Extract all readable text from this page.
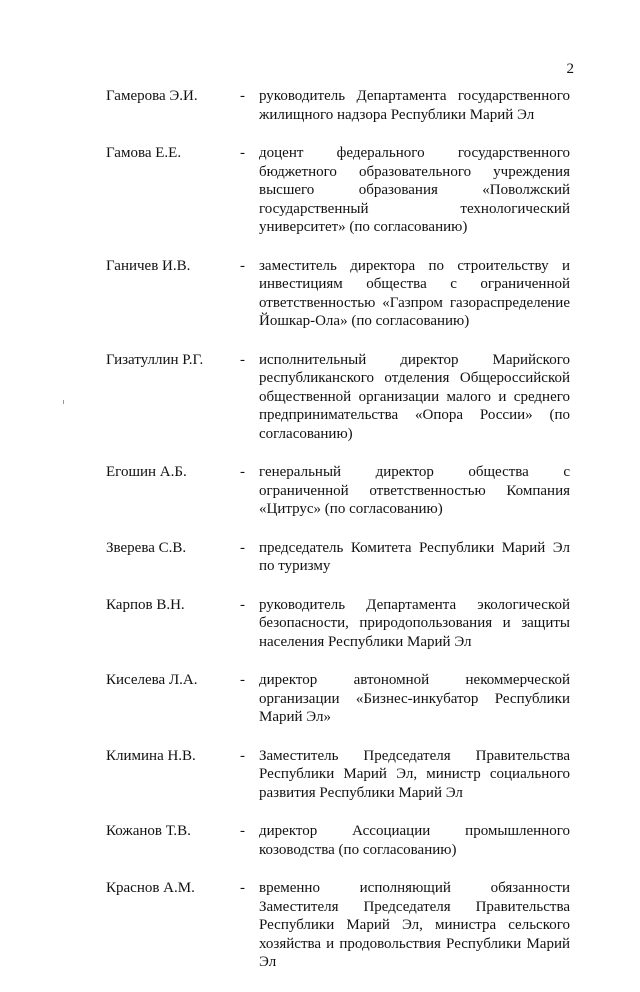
2
Гамерова Э.И.	- руководитель Департамента государственного жилищного надзора Республики Марий Эл
Гамова Е.Е.	- доцент федерального государственного бюджетного образовательного учреждения высшего образования «Поволжский государственный технологический университет» (по согласованию)
Ганичев И.В.	- заместитель директора по строительству и инвестициям общества с ограниченной ответственностью «Газпром газораспределение Йошкар-Ола» (по согласованию)
Гизатуллин Р.Г. - исполнительный директор Марийского республиканского отделения Общероссийской общественной организации малого и среднего предпринимательства «Опора России» (по согласованию)
Егошин А.Б.	- генеральный директор общества с ограниченной ответственностью Компания «Цитрус» (по согласованию)
Зверева С.В.	- председатель Комитета Республики Марий Эл по туризму
Карпов В.Н.	- руководитель Департамента экологической безопасности, природопользования и защиты населения Республики Марий Эл
Киселева Л.А.	- директор автономной некоммерческой организации «Бизнес-инкубатор Республики Марий Эл»
Климина Н.В.	- Заместитель Председателя Правительства Республики Марий Эл, министр социального развития Республики Марий Эл
Кожанов Т.В.	- директор Ассоциации промышленного козоводства (по согласованию)
Краснов А.М.	- временно исполняющий обязанности Заместителя Председателя Правительства Республики Марий Эл, министра сельского хозяйства и продовольствия Республики Марий Эл
